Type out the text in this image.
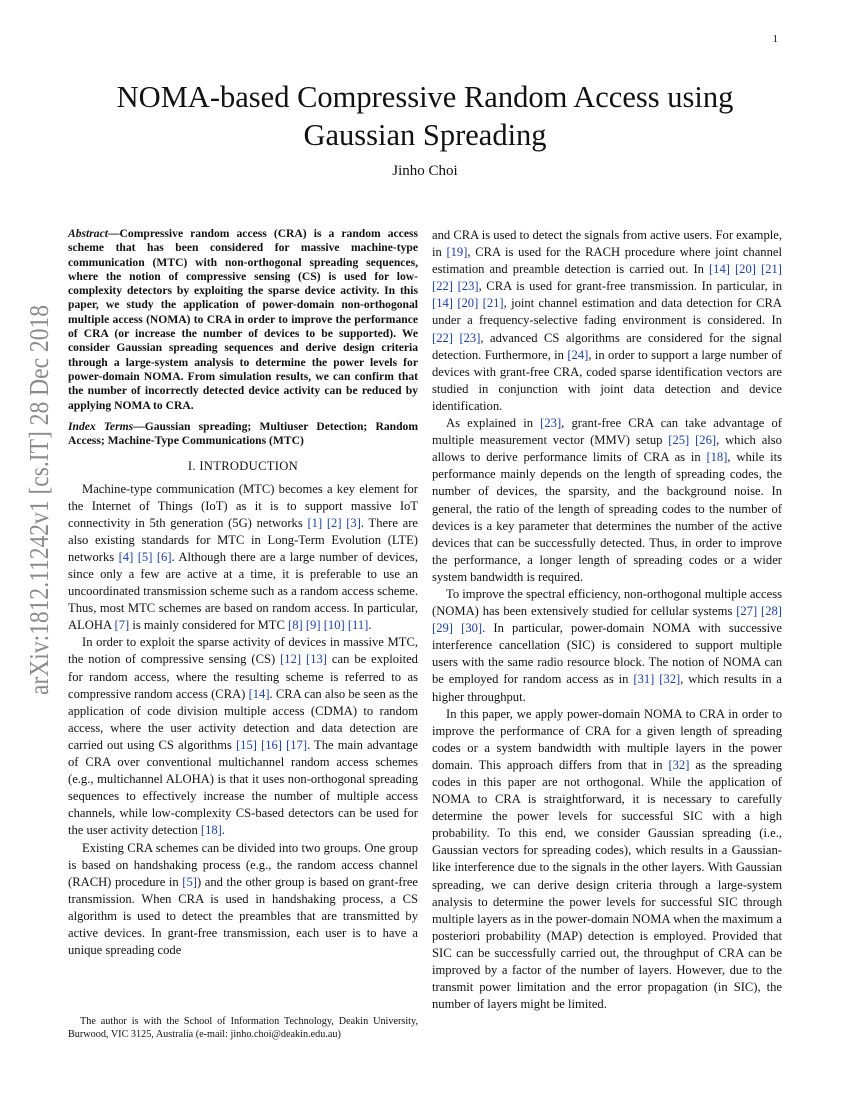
1
arXiv:1812.11242v1 [cs.IT] 28 Dec 2018
NOMA-based Compressive Random Access using
Gaussian Spreading
Jinho Choi

Abstract—Compressive random access (CRA) is a random access scheme that has been considered for massive machine-type communication (MTC) with non-orthogonal spreading sequences, where the notion of compressive sensing (CS) is used for low-complexity detectors by exploiting the sparse device activity. In this paper, we study the application of power-domain non-orthogonal multiple access (NOMA) to CRA in order to improve the performance of CRA (or increase the number of devices to be supported). We consider Gaussian spreading sequences and derive design criteria through a large-system analysis to determine the power levels for power-domain NOMA. From simulation results, we can confirm that the number of incorrectly detected device activity can be reduced by applying NOMA to CRA.

Index Terms—Gaussian spreading; Multiuser Detection; Random Access; Machine-Type Communications (MTC)

I. INTRODUCTION

Machine-type communication (MTC) becomes a key element for the Internet of Things (IoT) as it is to support massive IoT connectivity in 5th generation (5G) networks [1] [2] [3]. There are also existing standards for MTC in Long-Term Evolution (LTE) networks [4] [5] [6]. Although there are a large number of devices, since only a few are active at a time, it is preferable to use an uncoordinated transmission scheme such as a random access scheme. Thus, most MTC schemes are based on random access. In particular, ALOHA [7] is mainly considered for MTC [8] [9] [10] [11].

In order to exploit the sparse activity of devices in massive MTC, the notion of compressive sensing (CS) [12] [13] can be exploited for random access, where the resulting scheme is referred to as compressive random access (CRA) [14]. CRA can also be seen as the application of code division multiple access (CDMA) to random access, where the user activity detection and data detection are carried out using CS algorithms [15] [16] [17]. The main advantage of CRA over conventional multichannel random access schemes (e.g., multichannel ALOHA) is that it uses non-orthogonal spreading sequences to effectively increase the number of multiple access channels, while low-complexity CS-based detectors can be used for the user activity detection [18].

Existing CRA schemes can be divided into two groups. One group is based on handshaking process (e.g., the random access channel (RACH) procedure in [5]) and the other group is based on grant-free transmission. When CRA is used in handshaking process, a CS algorithm is used to detect the preambles that are transmitted by active devices. In grant-free transmission, each user is to have a unique spreading code

and CRA is used to detect the signals from active users. For example, in [19], CRA is used for the RACH procedure where joint channel estimation and preamble detection is carried out. In [14] [20] [21] [22] [23], CRA is used for grant-free transmission. In particular, in [14] [20] [21], joint channel estimation and data detection for CRA under a frequency-selective fading environment is considered. In [22] [23], advanced CS algorithms are considered for the signal detection. Furthermore, in [24], in order to support a large number of devices with grant-free CRA, coded sparse identification vectors are studied in conjunction with joint data detection and device identification.

As explained in [23], grant-free CRA can take advantage of multiple measurement vector (MMV) setup [25] [26], which also allows to derive performance limits of CRA as in [18], while its performance mainly depends on the length of spreading codes, the number of devices, the sparsity, and the background noise. In general, the ratio of the length of spreading codes to the number of devices is a key parameter that determines the number of the active devices that can be successfully detected. Thus, in order to improve the performance, a longer length of spreading codes or a wider system bandwidth is required.

To improve the spectral efficiency, non-orthogonal multiple access (NOMA) has been extensively studied for cellular systems [27] [28] [29] [30]. In particular, power-domain NOMA with successive interference cancellation (SIC) is considered to support multiple users with the same radio resource block. The notion of NOMA can be employed for random access as in [31] [32], which results in a higher throughput.

In this paper, we apply power-domain NOMA to CRA in order to improve the performance of CRA for a given length of spreading codes or a system bandwidth with multiple layers in the power domain. This approach differs from that in [32] as the spreading codes in this paper are not orthogonal. While the application of NOMA to CRA is straightforward, it is necessary to carefully determine the power levels for successful SIC with a high probability. To this end, we consider Gaussian spreading (i.e., Gaussian vectors for spreading codes), which results in a Gaussian-like interference due to the signals in the other layers. With Gaussian spreading, we can derive design criteria through a large-system analysis to determine the power levels for successful SIC through multiple layers as in the power-domain NOMA when the maximum a posteriori probability (MAP) detection is employed. Provided that SIC can be successfully carried out, the throughput of CRA can be improved by a factor of the number of layers. However, due to the transmit power limitation and the error propagation (in SIC), the number of layers might be limited.

The author is with the School of Information Technology, Deakin University, Burwood, VIC 3125, Australia (e-mail: jinho.choi@deakin.edu.au)
